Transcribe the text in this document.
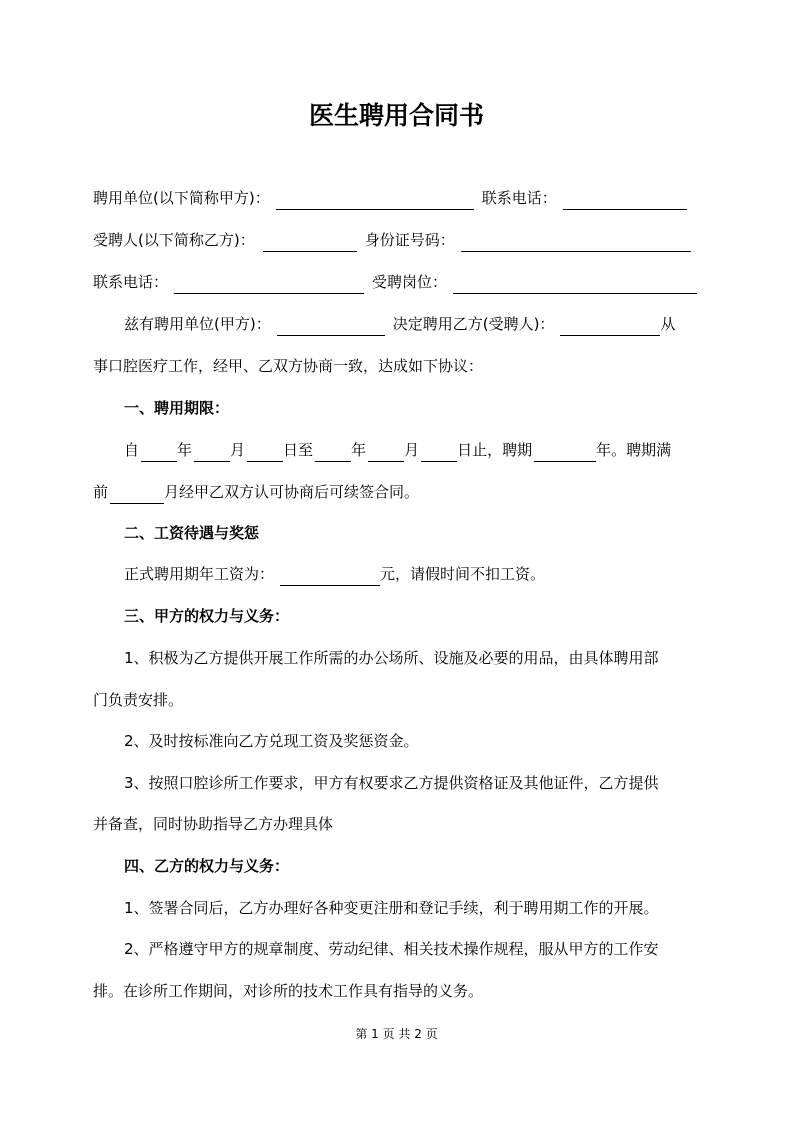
医生聘用合同书
聘用单位(以下简称甲方)：	联系电话：
受聘人(以下简称乙方)：	身份证号码：
联系电话：	受聘岗位：
兹有聘用单位(甲方)：	决定聘用乙方(受聘人)：	从
事口腔医疗工作，经甲、乙双方协商一致，达成如下协议：
一、聘用期限：
自	年	月	日至	年	月	日止，聘期	年。聘期满
前	月经甲乙双方认可协商后可续签合同。
二、工资待遇与奖惩
正式聘用期年工资为：	元，请假时间不扣工资。
三、甲方的权力与义务：
1、积极为乙方提供开展工作所需的办公场所、设施及必要的用品，由具体聘用部
门负责安排。
2、及时按标准向乙方兑现工资及奖惩资金。
3、按照口腔诊所工作要求，甲方有权要求乙方提供资格证及其他证件，乙方提供
并备查，同时协助指导乙方办理具体
四、乙方的权力与义务：
1、签署合同后，乙方办理好各种变更注册和登记手续，利于聘用期工作的开展。
2、严格遵守甲方的规章制度、劳动纪律、相关技术操作规程，服从甲方的工作安
排。在诊所工作期间，对诊所的技术工作具有指导的义务。
第 1 页 共 2 页
